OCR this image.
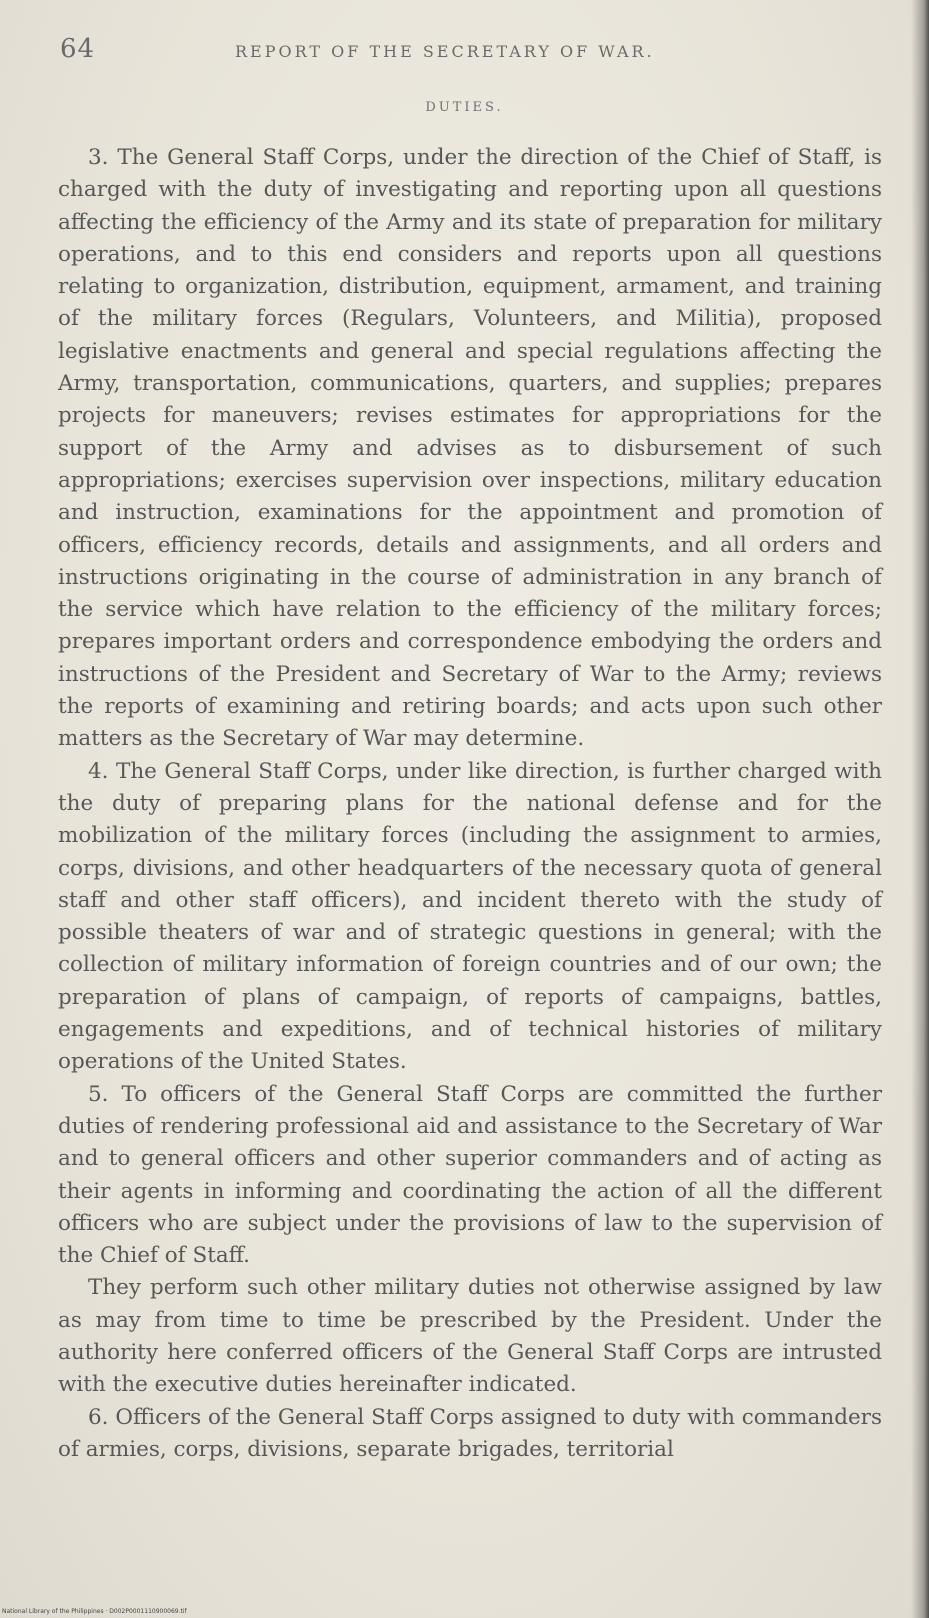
64	REPORT OF THE SECRETARY OF WAR.
DUTIES.

3. The General Staff Corps, under the direction of the Chief of Staff, is charged with the duty of investigating and reporting upon all questions affecting the efficiency of the Army and its state of preparation for military operations, and to this end considers and reports upon all questions relating to organization, distribution, equipment, armament, and training of the military forces (Regulars, Volunteers, and Militia), proposed legislative enactments and general and special regulations affecting the Army, transportation, communications, quarters, and supplies; prepares projects for maneuvers; revises estimates for appropriations for the support of the Army and advises as to disbursement of such appropriations; exercises supervision over inspections, military education and instruction, examinations for the appointment and promotion of officers, efficiency records, details and assignments, and all orders and instructions originating in the course of administration in any branch of the service which have relation to the efficiency of the military forces; prepares important orders and correspondence embodying the orders and instructions of the President and Secretary of War to the Army; reviews the reports of examining and retiring boards; and acts upon such other matters as the Secretary of War may determine.

4. The General Staff Corps, under like direction, is further charged with the duty of preparing plans for the national defense and for the mobilization of the military forces (including the assignment to armies, corps, divisions, and other headquarters of the necessary quota of general staff and other staff officers), and incident thereto with the study of possible theaters of war and of strategic questions in general; with the collection of military information of foreign countries and of our own; the preparation of plans of campaign, of reports of campaigns, battles, engagements and expeditions, and of technical histories of military operations of the United States.

5. To officers of the General Staff Corps are committed the further duties of rendering professional aid and assistance to the Secretary of War and to general officers and other superior commanders and of acting as their agents in informing and coordinating the action of all the different officers who are subject under the provisions of law to the supervision of the Chief of Staff.

They perform such other military duties not otherwise assigned by law as may from time to time be prescribed by the President. Under the authority here conferred officers of the General Staff Corps are intrusted with the executive duties hereinafter indicated.

6. Officers of the General Staff Corps assigned to duty with commanders of armies, corps, divisions, separate brigades, territorial

National Library of the Philippines · D002P0001110900069.tif
